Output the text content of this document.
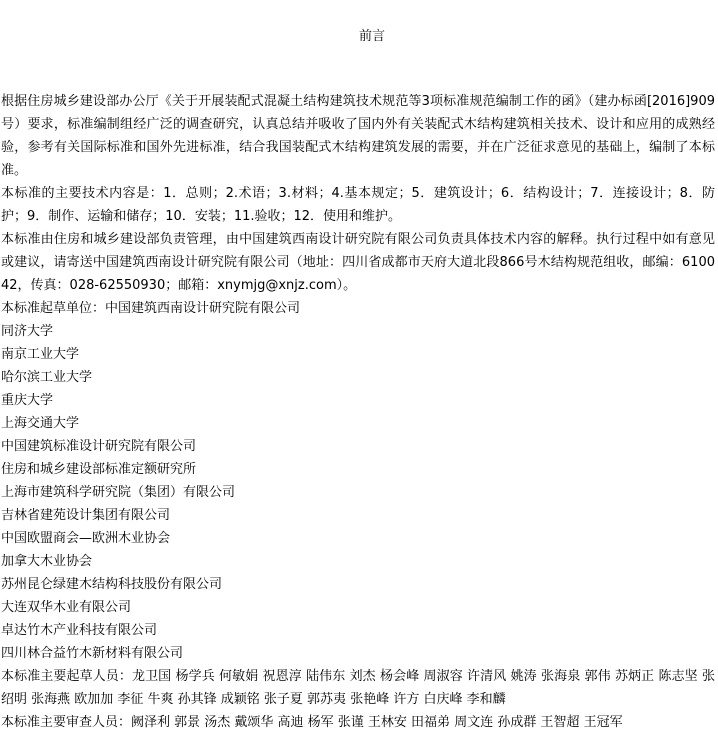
前言

根据住房城乡建设部办公厅《关于开展装配式混凝土结构建筑技术规范等3项标准规范编制工作的函》（建办标函[2016]909号）要求，标准编制组经广泛的调查研究，认真总结并吸收了国内外有关装配式木结构建筑相关技术、设计和应用的成熟经验，参考有关国际标准和国外先进标准，结合我国装配式木结构建筑发展的需要，并在广泛征求意见的基础上，编制了本标准。

本标准的主要技术内容是：1．总则；2.术语；3.材料；4.基本规定；5．建筑设计；6．结构设计；7．连接设计；8．防护；9．制作、运输和储存；10．安装；11.验收；12．使用和维护。

本标准由住房和城乡建设部负责管理，由中国建筑西南设计研究院有限公司负责具体技术内容的解释。执行过程中如有意见或建议，请寄送中国建筑西南设计研究院有限公司（地址：四川省成都市天府大道北段866号木结构规范组收，邮编：610042，传真：028-62550930；邮箱：xnymjg@xnjz.com）。

本标准起草单位：中国建筑西南设计研究院有限公司

同济大学

南京工业大学

哈尔滨工业大学

重庆大学

上海交通大学

中国建筑标准设计研究院有限公司

住房和城乡建设部标准定额研究所

上海市建筑科学研究院（集团）有限公司

吉林省建苑设计集团有限公司

中国欧盟商会—欧洲木业协会

加拿大木业协会

苏州昆仑绿建木结构科技股份有限公司

大连双华木业有限公司

卓达竹木产业科技有限公司

四川林合益竹木新材料有限公司

本标准主要起草人员：龙卫国 杨学兵 何敏娟 祝恩淳 陆伟东 刘杰 杨会峰 周淑容 许清风 姚涛 张海泉 郭伟 苏炳正 陈志坚 张绍明 张海燕 欧加加 李征 牛爽 孙其锋 成颖铭 张子夏 郭苏夷 张艳峰 许方 白庆峰 李和麟

本标准主要审查人员：阙泽利 郭景 汤杰 戴颂华 高迪 杨军 张谨 王林安 田福弟 周文连 孙成群 王智超 王冠军
